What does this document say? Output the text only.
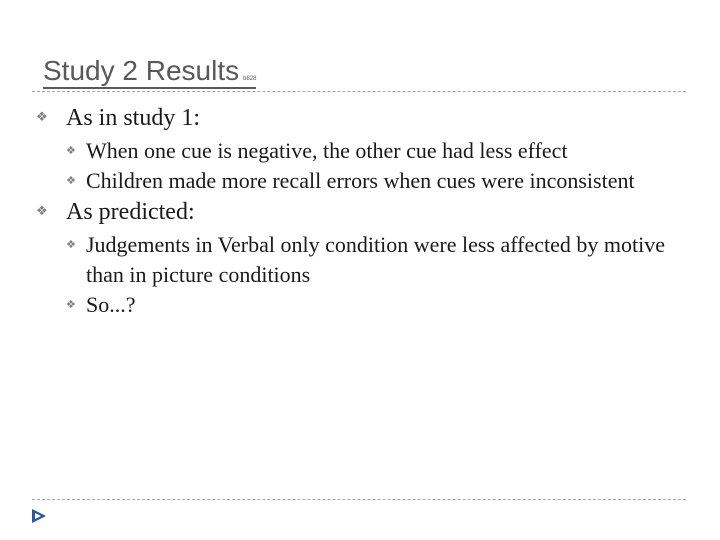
Study 2 Results b828
❖ As in study 1:
❖ When one cue is negative, the other cue had less effect
❖ Children made more recall errors when cues were inconsistent
❖ As predicted:
❖ Judgements in Verbal only condition were less affected by motive than in picture conditions
❖ So...?
